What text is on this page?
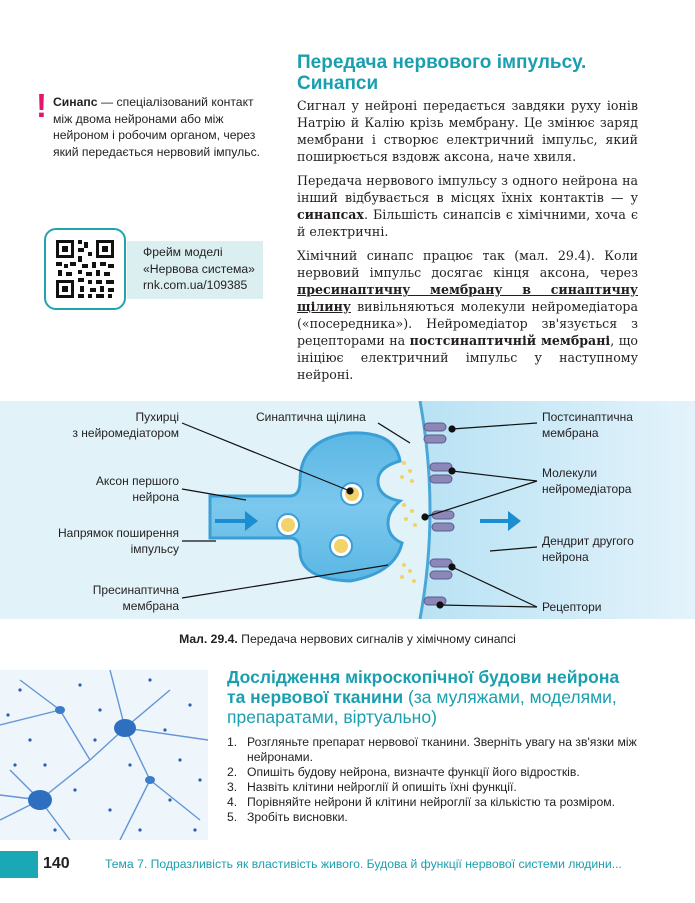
! Синапс — спеціалізований контакт між двома нейронами або між нейроном і робочим органом, через який передається нервовий імпульс.
Фрейм моделі
«Нервова система»
rnk.com.ua/109385
Передача нервового імпульсу.
Синапси
Сигнал у нейроні передається завдяки руху іонів Натрію й Калію крізь мембрану. Це змінює заряд мембрани і створює електричний імпульс, який поширюється вздовж аксона, наче хвиля.
Передача нервового імпульсу з одного нейрона на інший відбувається в місцях їхніх контактів — у синапсах. Більшість синапсів є хімічними, хоча є й електричні.
Хімічний синапс працює так (мал. 29.4). Коли нервовий імпульс досягає кінця аксона, через пресинаптичну мембрану в синаптичну щілину вивільняються молекули нейромедіатора («посередника»). Нейромедіатор зв'язується з рецепторами на постсинаптичній мембрані, що ініціює електричний імпульс у наступному нейроні.
Пухирці
з нейромедіатором
Синаптична щілина	Постсинаптична
мембрана
Аксон першого
нейрона
Молекули
нейромедіатора
Напрямок поширення
імпульсу
Дендрит другого
нейрона
Пресинаптична
мембрана	Рецептори
Мал. 29.4. Передача нервових сигналів у хімічному синапсі
Дослідження мікроскопічної будови нейрона
та нервової тканини (за муляжами, моделями,
препаратами, віртуально)
1. Розгляньте препарат нервової тканини. Зверніть увагу на зв'язки між нейронами.
2. Опишіть будову нейрона, визначте функції його відростків.
3. Назвіть клітини нейроглії й опишіть їхні функції.
4. Порівняйте нейрони й клітини нейроглії за кількістю та розміром.
5. Зробіть висновки.
140	Тема 7. Подразливість як властивість живого. Будова й функції нервової системи людини...
